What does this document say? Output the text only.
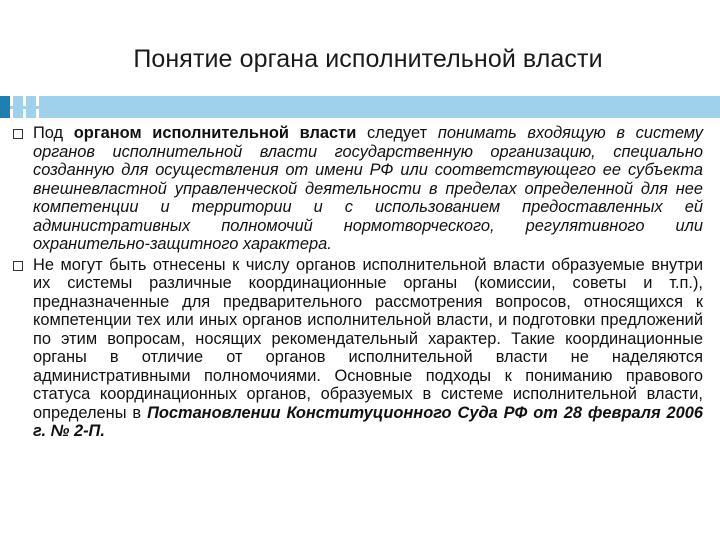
Понятие органа исполнительной власти
Под органом исполнительной власти следует понимать входящую в систему органов исполнительной власти государственную организацию, специально созданную для осуществления от имени РФ или соответствующего ее субъекта внешневластной управленческой деятельности в пределах определенной для нее компетенции и территории и с использованием предоставленных ей административных полномочий нормотворческого, регулятивного или охранительно-защитного характера.
Не могут быть отнесены к числу органов исполнительной власти образуемые внутри их системы различные координационные органы (комиссии, советы и т.п.), предназначенные для предварительного рассмотрения вопросов, относящихся к компетенции тех или иных органов исполнительной власти, и подготовки предложений по этим вопросам, носящих рекомендательный характер. Такие координационные органы в отличие от органов исполнительной власти не наделяются административными полномочиями. Основные подходы к пониманию правового статуса координационных органов, образуемых в системе исполнительной власти, определены в Постановлении Конституционного Суда РФ от 28 февраля 2006 г. № 2-П.
